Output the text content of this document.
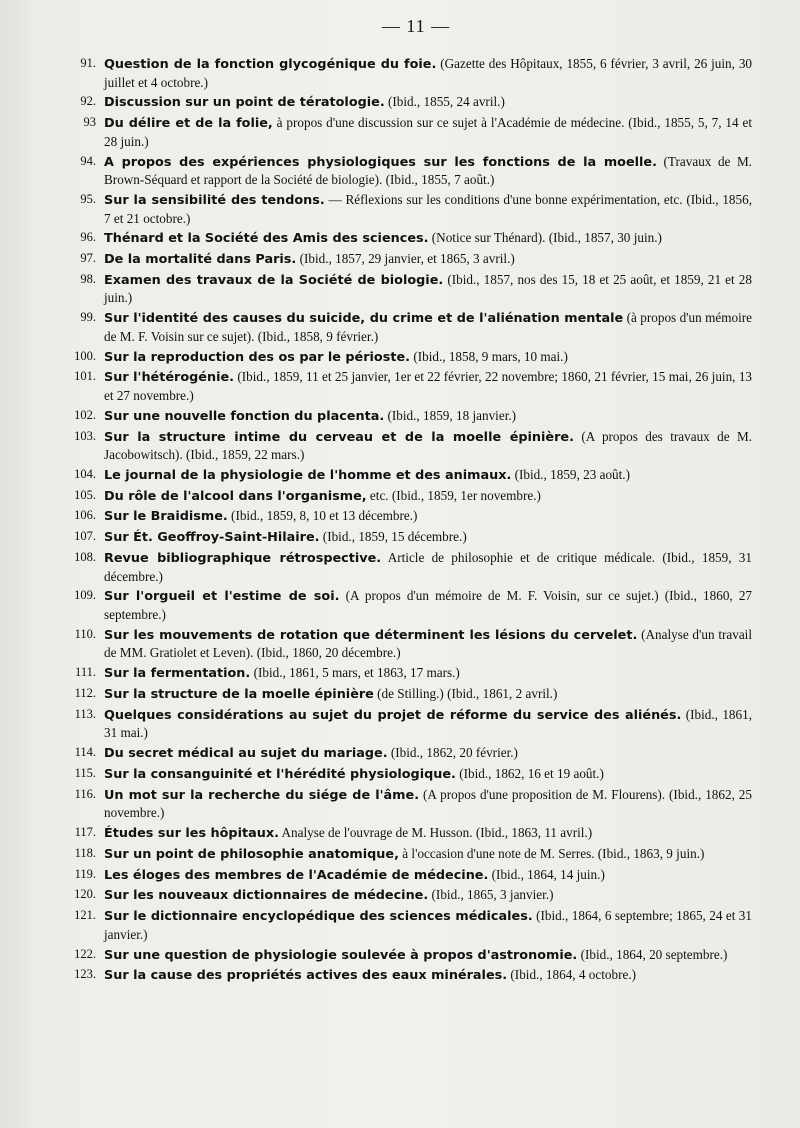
— 11 —
91. Question de la fonction glycogénique du foie. (Gazette des Hôpitaux, 1855, 6 février, 3 avril, 26 juin, 30 juillet et 4 octobre.)
92. Discussion sur un point de tératologie. (Ibid., 1855, 24 avril.)
93 Du délire et de la folie, à propos d'une discussion sur ce sujet à l'Académie de médecine. (Ibid., 1855, 5, 7, 14 et 28 juin.)
94. A propos des expériences physiologiques sur les fonctions de la moelle. (Travaux de M. Brown-Séquard et rapport de la Société de biologie). (Ibid., 1855, 7 août.)
95. Sur la sensibilité des tendons. — Réflexions sur les conditions d'une bonne expérimentation, etc. (Ibid., 1856, 7 et 21 octobre.)
96. Thénard et la Société des Amis des sciences. (Notice sur Thénard). (Ibid., 1857, 30 juin.)
97. De la mortalité dans Paris. (Ibid., 1857, 29 janvier, et 1865, 3 avril.)
98. Examen des travaux de la Société de biologie. (Ibid., 1857, nos des 15, 18 et 25 août, et 1859, 21 et 28 juin.)
99. Sur l'identité des causes du suicide, du crime et de l'aliénation mentale (à propos d'un mémoire de M. F. Voisin sur ce sujet). (Ibid., 1858, 9 février.)
100. Sur la reproduction des os par le périoste. (Ibid., 1858, 9 mars, 10 mai.)
101. Sur l'hétérogénie. (Ibid., 1859, 11 et 25 janvier, 1er et 22 février, 22 novembre; 1860, 21 février, 15 mai, 26 juin, 13 et 27 novembre.)
102. Sur une nouvelle fonction du placenta. (Ibid., 1859, 18 janvier.)
103. Sur la structure intime du cerveau et de la moelle épinière. (A propos des travaux de M. Jacobowitsch). (Ibid., 1859, 22 mars.)
104. Le journal de la physiologie de l'homme et des animaux. (Ibid., 1859, 23 août.)
105. Du rôle de l'alcool dans l'organisme, etc. (Ibid., 1859, 1er novembre.)
106. Sur le Braidisme. (Ibid., 1859, 8, 10 et 13 décembre.)
107. Sur Ét. Geoffroy-Saint-Hilaire. (Ibid., 1859, 15 décembre.)
108. Revue bibliographique rétrospective. Article de philosophie et de critique médicale. (Ibid., 1859, 31 décembre.)
109. Sur l'orgueil et l'estime de soi. (A propos d'un mémoire de M. F. Voisin, sur ce sujet.) (Ibid., 1860, 27 septembre.)
110. Sur les mouvements de rotation que déterminent les lésions du cervelet. (Analyse d'un travail de MM. Gratiolet et Leven). (Ibid., 1860, 20 décembre.)
111. Sur la fermentation. (Ibid., 1861, 5 mars, et 1863, 17 mars.)
112. Sur la structure de la moelle épinière (de Stilling.) (Ibid., 1861, 2 avril.)
113. Quelques considérations au sujet du projet de réforme du service des aliénés. (Ibid., 1861, 31 mai.)
114. Du secret médical au sujet du mariage. (Ibid., 1862, 20 février.)
115. Sur la consanguinité et l'hérédité physiologique. (Ibid., 1862, 16 et 19 août.)
116. Un mot sur la recherche du siége de l'âme. (A propos d'une proposition de M. Flourens). (Ibid., 1862, 25 novembre.)
117. Études sur les hôpitaux. Analyse de l'ouvrage de M. Husson. (Ibid., 1863, 11 avril.)
118. Sur un point de philosophie anatomique, à l'occasion d'une note de M. Serres. (Ibid., 1863, 9 juin.)
119. Les éloges des membres de l'Académie de médecine. (Ibid., 1864, 14 juin.)
120. Sur les nouveaux dictionnaires de médecine. (Ibid., 1865, 3 janvier.)
121. Sur le dictionnaire encyclopédique des sciences médicales. (Ibid., 1864, 6 septembre; 1865, 24 et 31 janvier.)
122. Sur une question de physiologie soulevée à propos d'astronomie. (Ibid., 1864, 20 septembre.)
123. Sur la cause des propriétés actives des eaux minérales. (Ibid., 1864, 4 octobre.)
